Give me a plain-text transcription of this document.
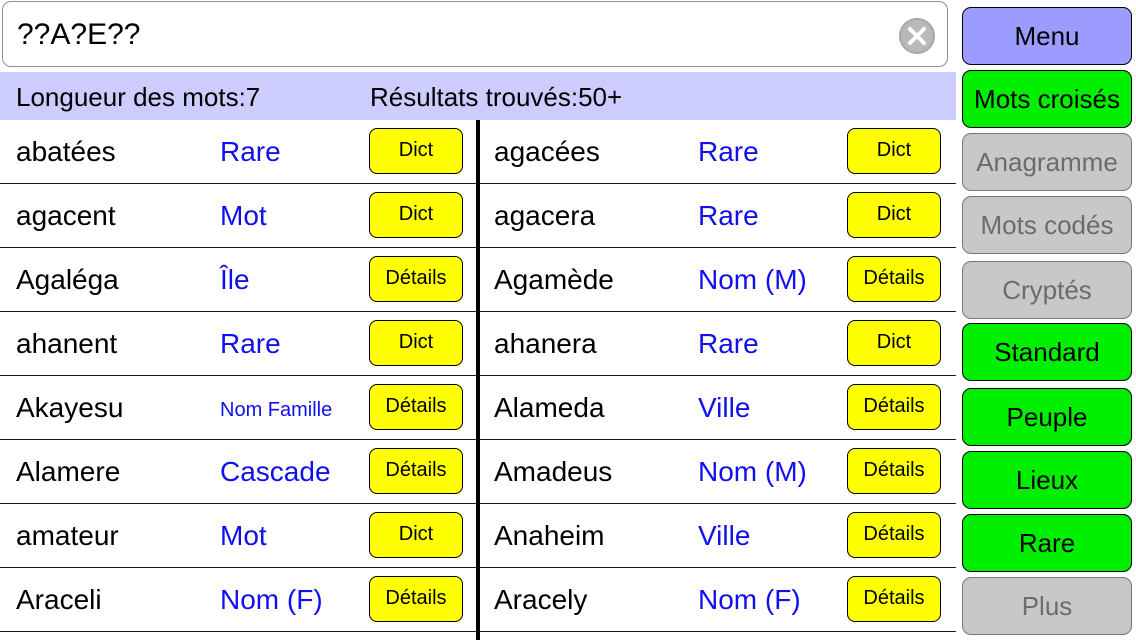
??A?E??
Longueur des mots:7	Résultats trouvés:50+
abatées	Rare	Dict
agacent	Mot	Dict
Agaléga	Île	Détails
ahanent	Rare	Dict
Akayesu	Nom Famille	Détails
Alamere	Cascade	Détails
amateur	Mot	Dict
Araceli	Nom (F)	Détails
agacées	Rare	Dict
agacera	Rare	Dict
Agamède	Nom (M)	Détails
ahanera	Rare	Dict
Alameda	Ville	Détails
Amadeus	Nom (M)	Détails
Anaheim	Ville	Détails
Aracely	Nom (F)	Détails
Menu
Mots croisés
Anagramme
Mots codés
Cryptés
Standard
Peuple
Lieux
Rare
Plus
